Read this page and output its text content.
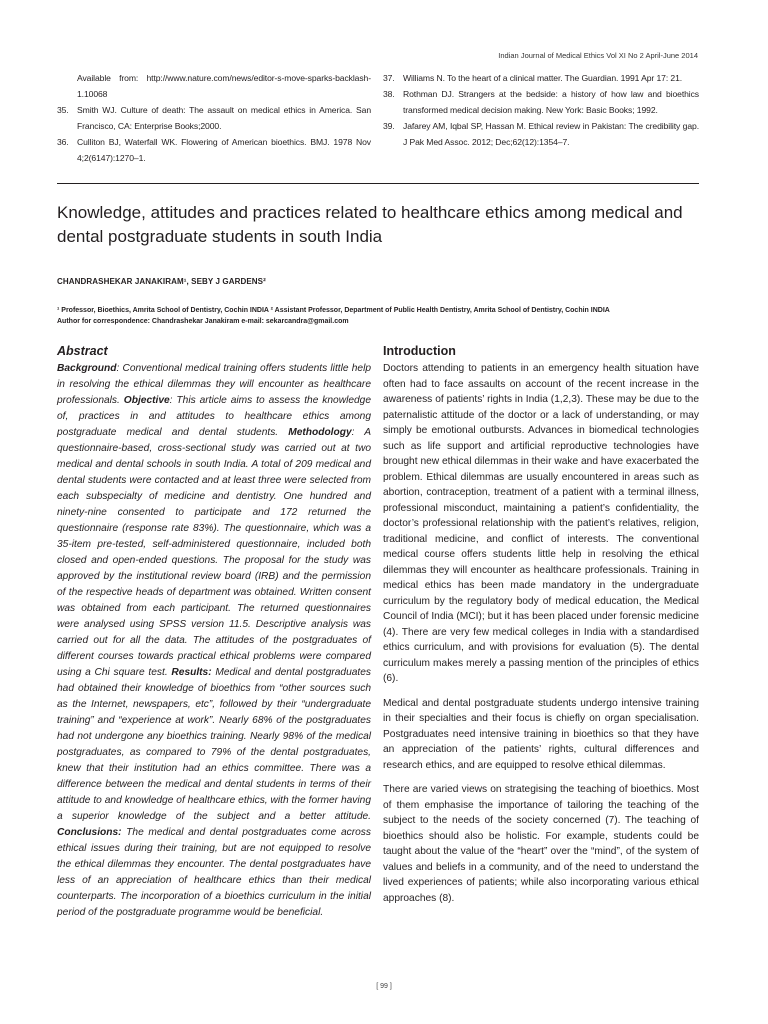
Indian Journal of Medical Ethics Vol XI No 2 April-June 2014
Available from: http://www.nature.com/news/editor-s-move-sparks-backlash-1.10068
35. Smith WJ. Culture of death: The assault on medical ethics in America. San Francisco, CA: Enterprise Books;2000.
36. Culliton BJ, Waterfall WK. Flowering of American bioethics. BMJ. 1978 Nov 4;2(6147):1270–1.
37. Williams N. To the heart of a clinical matter. The Guardian. 1991 Apr 17: 21.
38. Rothman DJ. Strangers at the bedside: a history of how law and bioethics transformed medical decision making. New York: Basic Books; 1992.
39. Jafarey AM, Iqbal SP, Hassan M. Ethical review in Pakistan: The credibility gap. J Pak Med Assoc. 2012; Dec;62(12):1354–7.
Knowledge, attitudes and practices related to healthcare ethics among medical and dental postgraduate students in south India
CHANDRASHEKAR JANAKIRAM¹, SEBY J GARDENS²
¹ Professor, Bioethics, Amrita School of Dentistry, Cochin INDIA ² Assistant Professor, Department of Public Health Dentistry, Amrita School of Dentistry, Cochin INDIA
Author for correspondence: Chandrashekar Janakiram e-mail: sekarcandra@gmail.com
Abstract

Background: Conventional medical training offers students little help in resolving the ethical dilemmas they will encounter as healthcare professionals. Objective: This article aims to assess the knowledge of, practices in and attitudes to healthcare ethics among postgraduate medical and dental students. Methodology: A questionnaire-based, cross-sectional study was carried out at two medical and dental schools in south India. A total of 209 medical and dental students were contacted and at least three were selected from each subspecialty of medicine and dentistry. One hundred and ninety-nine consented to participate and 172 returned the questionnaire (response rate 83%). The questionnaire, which was a 35-item pre-tested, self-administered questionnaire, included both closed and open-ended questions. The proposal for the study was approved by the institutional review board (IRB) and the permission of the respective heads of department was obtained. Written consent was obtained from each participant. The returned questionnaires were analysed using SPSS version 11.5. Descriptive analysis was carried out for all the data. The attitudes of the postgraduates of different courses towards practical ethical problems were compared using a Chi square test. Results: Medical and dental postgraduates had obtained their knowledge of bioethics from “other sources such as the Internet, newspapers, etc”, followed by their “undergraduate training” and “experience at work”. Nearly 68% of the postgraduates had not undergone any bioethics training. Nearly 98% of the medical postgraduates, as compared to 79% of the dental postgraduates, knew that their institution had an ethics committee. There was a difference between the medical and dental students in terms of their attitude to and knowledge of healthcare ethics, with the former having a superior knowledge of the subject and a better attitude. Conclusions: The medical and dental postgraduates come across ethical issues during their training, but are not equipped to resolve the ethical dilemmas they encounter. The dental postgraduates have less of an appreciation of healthcare ethics than their medical counterparts. The incorporation of a bioethics curriculum in the initial period of the postgraduate programme would be beneficial.

Introduction

Doctors attending to patients in an emergency health situation have often had to face assaults on account of the recent increase in the awareness of patients’ rights in India (1,2,3). These may be due to the paternalistic attitude of the doctor or a lack of understanding, or may simply be emotional outbursts. Advances in biomedical technologies such as life support and artificial reproductive technologies have brought new ethical dilemmas in their wake and have exacerbated the problem. Ethical dilemmas are usually encountered in areas such as abortion, contraception, treatment of a patient with a terminal illness, professional misconduct, maintaining a patient’s confidentiality, the doctor’s professional relationship with the patient’s relatives, religion, traditional medicine, and conflict of interests. The conventional medical course offers students little help in resolving the ethical dilemmas they will encounter as healthcare professionals. Training in medical ethics has been made mandatory in the undergraduate curriculum by the regulatory body of medical education, the Medical Council of India (MCI); but it has been placed under forensic medicine (4). There are very few medical colleges in India with a standardised ethics curriculum, and with provisions for evaluation (5). The dental curriculum makes merely a passing mention of the principles of ethics (6).

Medical and dental postgraduate students undergo intensive training in their specialties and their focus is chiefly on organ specialisation. Postgraduates need intensive training in bioethics so that they have an appreciation of the patients’ rights, cultural differences and research ethics, and are equipped to resolve ethical dilemmas.

There are varied views on strategising the teaching of bioethics. Most of them emphasise the importance of tailoring the teaching of the subject to the needs of the society concerned (7). The teaching of bioethics should also be holistic. For example, students could be taught about the value of the “heart” over the “mind”, of the system of values and beliefs in a community, and of the need to understand the lived experiences of patients; while also incorporating various ethical approaches (8).

[ 99 ]
